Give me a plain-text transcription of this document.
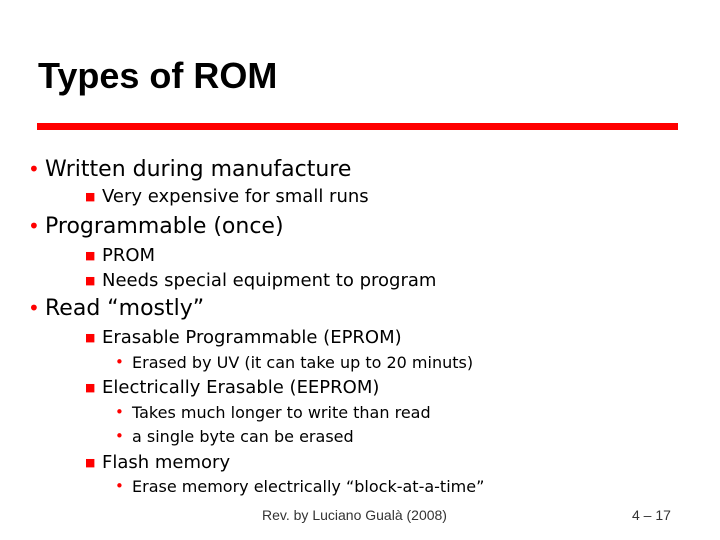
Types of ROM
• Written during manufacture
■ Very expensive for small runs
• Programmable (once)
■ PROM
■ Needs special equipment to program
• Read “mostly”
■ Erasable Programmable (EPROM)
• Erased by UV (it can take up to 20 minuts)
■ Electrically Erasable (EEPROM)
• Takes much longer to write than read
• a single byte can be erased
■ Flash memory
• Erase memory electrically “block-at-a-time”
Rev. by Luciano Gualà (2008)	4 – 17
